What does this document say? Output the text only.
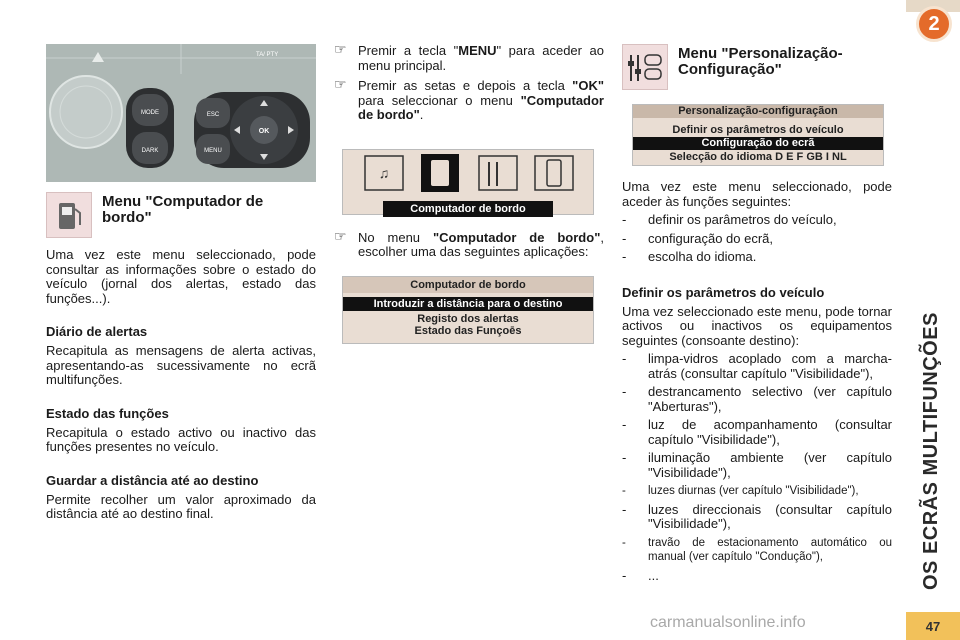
MODE
DARK
ESC
MENU
OK
TA/ PTY
Menu "Computador de bordo"

Uma vez este menu seleccionado, pode consultar as informações sobre o estado do veículo (jornal dos alertas, estado das funções...).

Diário de alertas

Recapitula as mensagens de alerta activas, apresentando-as sucessivamente no ecrã multifunções.

Estado das funções

Recapitula o estado activo ou inactivo das funções presentes no veículo.

Guardar a distância até ao destino

Permite recolher um valor aproximado da distância até ao destino final.

☞ Premir a tecla "MENU" para aceder ao menu principal.
☞ Premir as setas e depois a tecla "OK" para seleccionar o menu "Computador de bordo".
♫
Computador de bordo
☞ No menu "Computador de bordo", escolher uma das seguintes aplicações:
Computador de bordo
Introduzir a distância para o destino
Registo dos alertas
Estado das Funçoēs
Menu "Personalização-Configuração"
Personalização-configuraçãon
Definir os parâmetros do veículo
Configuração do ecrã
Selecção do idioma D E F GB I NL

Uma vez este menu seleccionado, pode aceder às funções seguintes:

- definir os parâmetros do veículo,
- configuração do ecrã,
- escolha do idioma.
Definir os parâmetros do veículo

Uma vez seleccionado este menu, pode tornar activos ou inactivos os equipamentos seguintes (consoante destino):

- limpa-vidros acoplado com a marcha-atrás (consultar capítulo "Visibilidade"),
- destrancamento selectivo (ver capítulo "Aberturas"),
- luz de acompanhamento (consultar capítulo "Visibilidade"),
- iluminação ambiente (ver capítulo "Visibilidade"),
- luzes diurnas (ver capítulo "Visibilidade"),
- luzes direccionais (consultar capítulo "Visibilidade"),
- travão de estacionamento automático ou manual (ver capítulo "Condução"),
- ...
2
OS ECRÃS MULTIFUNÇÕES
47
carmanualsonline.info
